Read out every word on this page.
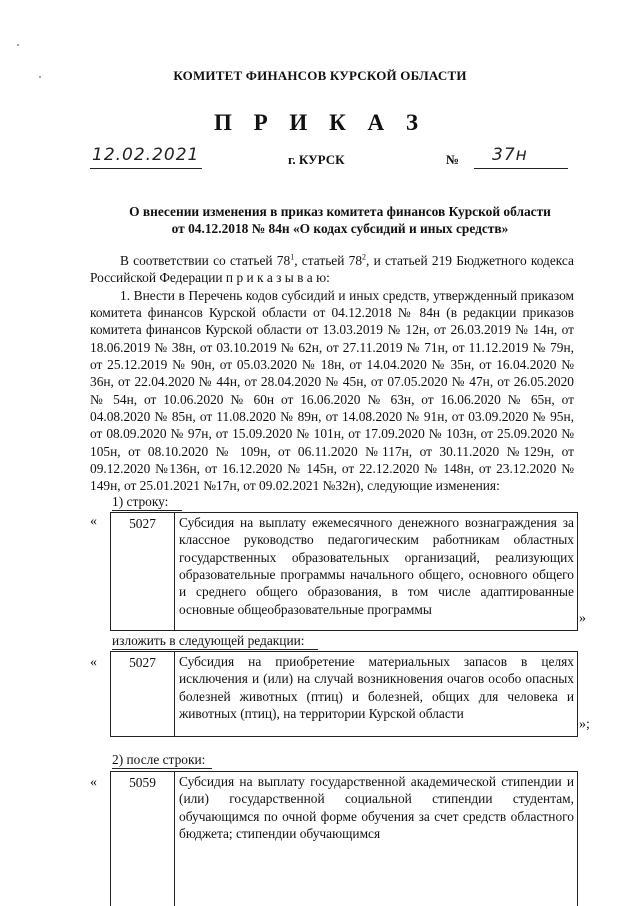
КОМИТЕТ ФИНАНСОВ КУРСКОЙ ОБЛАСТИ
П Р И К А З
12.02.2021	г. КУРСК	№ 37н
О внесении изменения в приказ комитета финансов Курской области
от 04.12.2018 № 84н «О кодах субсидий и иных средств»

В соответствии со статьей $78^1$, статьей $78^2$, и статьей 219 Бюджетного кодекса Российской Федерации п р и к а з ы в а ю:

1. Внести в Перечень кодов субсидий и иных средств, утвержденный приказом комитета финансов Курской области от 04.12.2018 № 84н (в редакции приказов комитета финансов Курской области от 13.03.2019 № 12н, от 26.03.2019 № 14н, от 18.06.2019 № 38н, от 03.10.2019 № 62н, от 27.11.2019 № 71н, от 11.12.2019 № 79н, от 25.12.2019 № 90н, от 05.03.2020 № 18н, от 14.04.2020 № 35н, от 16.04.2020 № 36н, от 22.04.2020 № 44н, от 28.04.2020 № 45н, от 07.05.2020 № 47н, от 26.05.2020 № 54н, от 10.06.2020 № 60н от 16.06.2020 № 63н, от 16.06.2020 № 65н, от 04.08.2020 № 85н, от 11.08.2020 № 89н, от 14.08.2020 № 91н, от 03.09.2020 № 95н, от 08.09.2020 № 97н, от 15.09.2020 № 101н, от 17.09.2020 № 103н, от 25.09.2020 № 105н, от 08.10.2020 № 109н, от 06.11.2020 №117н, от 30.11.2020 №129н, от 09.12.2020 №136н, от 16.12.2020 № 145н, от 22.12.2020 № 148н, от 23.12.2020 № 149н, от 25.01.2021 №17н, от 09.02.2021 №32н), следующие изменения:

1) строку:
«	5027	Субсидия на выплату ежемесячного денежного вознаграждения за классное руководство педагогическим работникам областных государственных образовательных организаций, реализующих образовательные программы начального общего, основного общего и среднего общего образования, в том числе адаптированные основные общеобразовательные программы
»
изложить в следующей редакции:
«	5027	Субсидия на приобретение материальных запасов в целях исключения и (или) на случай возникновения очагов особо опасных болезней животных (птиц) и болезней, общих для человека и животных (птиц), на территории Курской области
»;
2) после строки:
«	5059	Субсидия на выплату государственной академической стипендии и (или) государственной социальной стипендии студентам, обучающимся по очной форме обучения за счет средств областного бюджета; стипендии обучающимся
